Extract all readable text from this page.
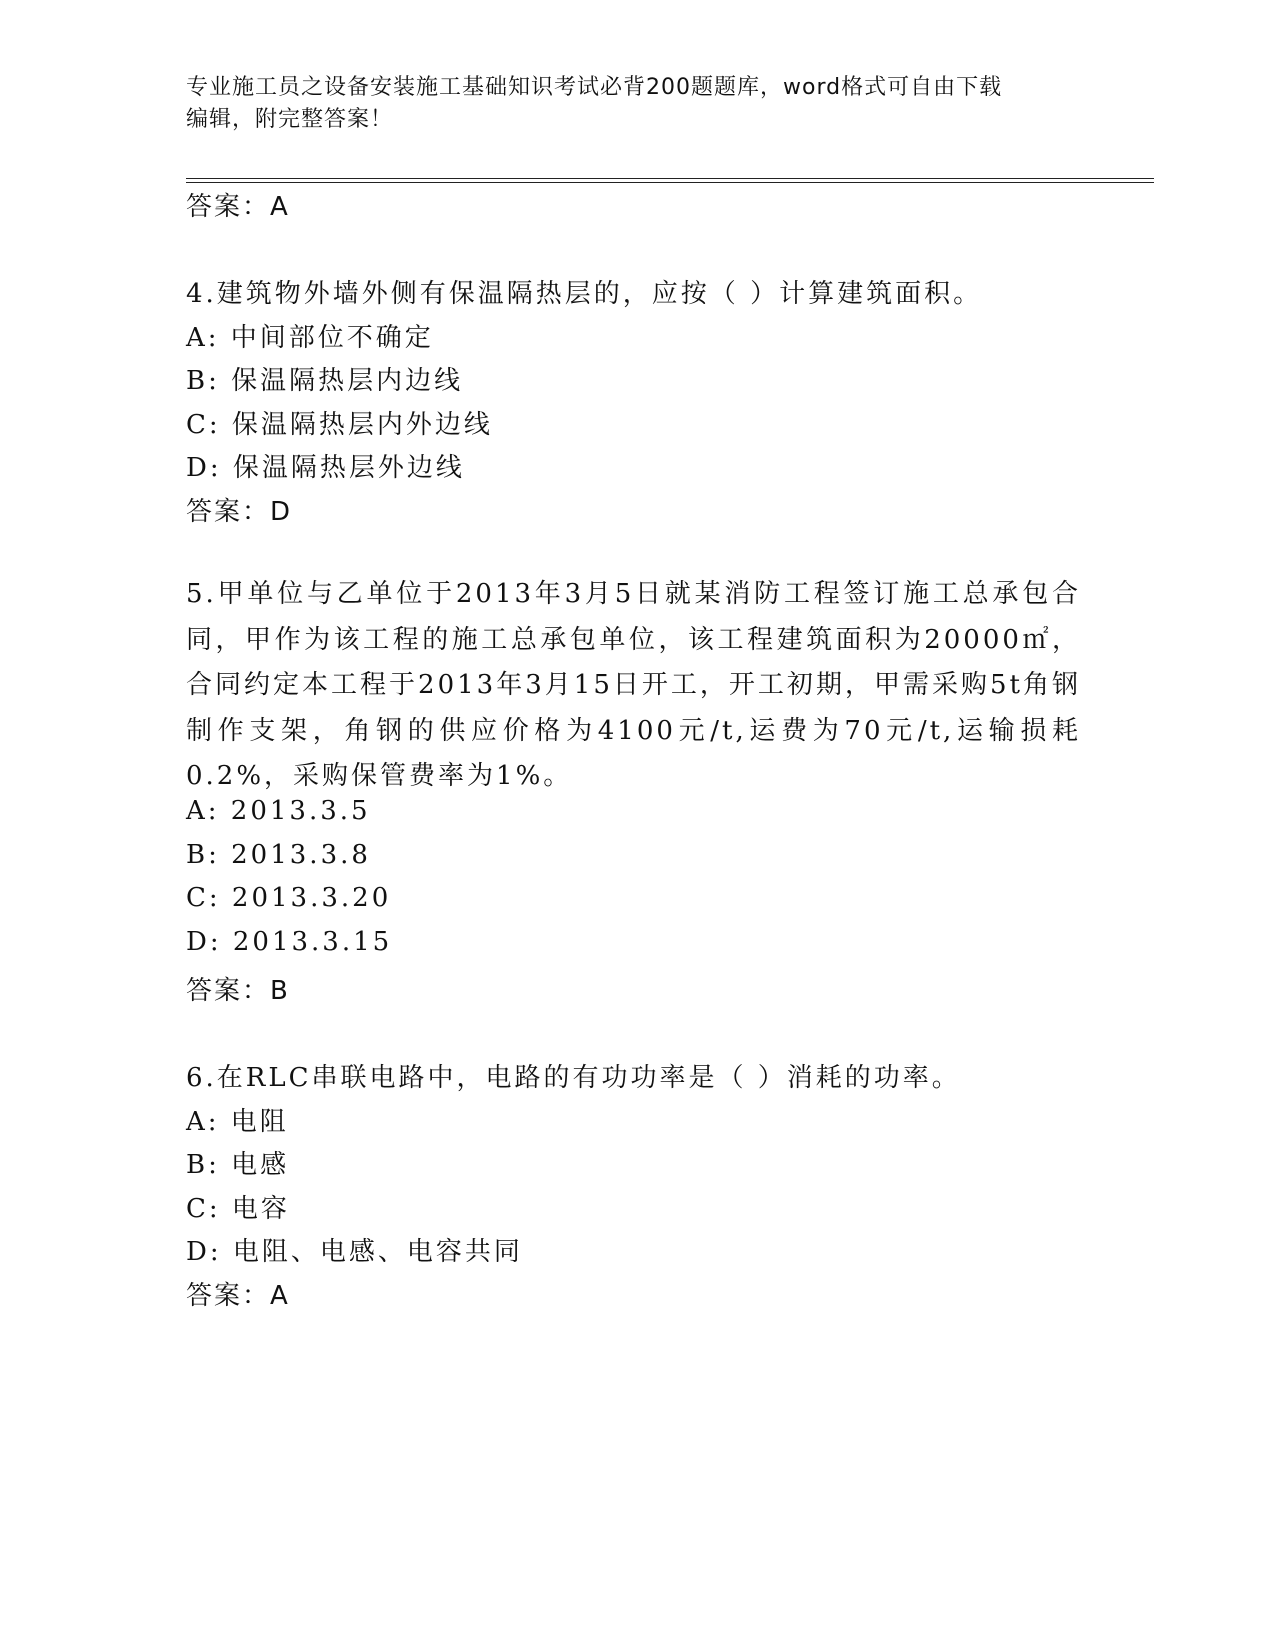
专业施工员之设备安装施工基础知识考试必背200题题库，word格式可自由下载
编辑，附完整答案！
答案：A
4.建筑物外墙外侧有保温隔热层的，应按（ ）计算建筑面积。
A: 中间部位不确定
B: 保温隔热层内边线
C: 保温隔热层内外边线
D: 保温隔热层外边线
答案：D
5.甲单位与乙单位于2013年3月5日就某消防工程签订施工总承包合同，甲作为该工程的施工总承包单位，该工程建筑面积为20000㎡，合同约定本工程于2013年3月15日开工，开工初期，甲需采购5t角钢制作支架，角钢的供应价格为4100元/t,运费为70元/t,运输损耗0.2%，采购保管费率为1%。
A: 2013.3.5
B: 2013.3.8
C: 2013.3.20
D: 2013.3.15
答案：B
6.在RLC串联电路中，电路的有功功率是（ ）消耗的功率。
A: 电阻
B: 电感
C: 电容
D: 电阻、电感、电容共同
答案：A
